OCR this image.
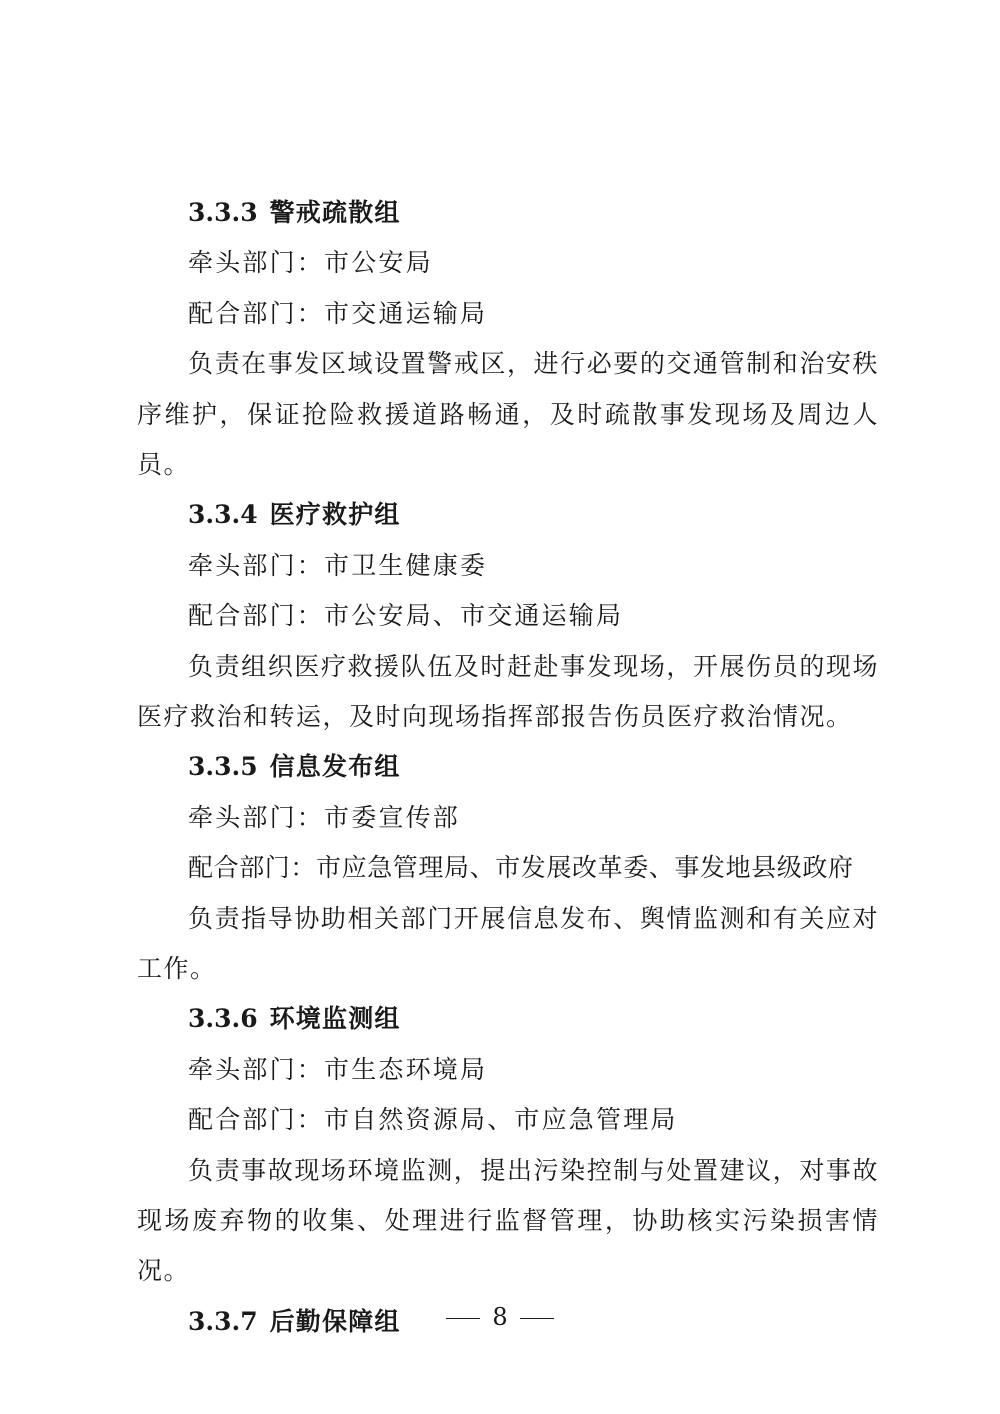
3.3.3 警戒疏散组
牵头部门：市公安局
配合部门：市交通运输局
负责在事发区域设置警戒区，进行必要的交通管制和治安秩序维护，保证抢险救援道路畅通，及时疏散事发现场及周边人员。
3.3.4 医疗救护组
牵头部门：市卫生健康委
配合部门：市公安局、市交通运输局
负责组织医疗救援队伍及时赶赴事发现场，开展伤员的现场医疗救治和转运，及时向现场指挥部报告伤员医疗救治情况。
3.3.5 信息发布组
牵头部门：市委宣传部
配合部门：市应急管理局、市发展改革委、事发地县级政府
负责指导协助相关部门开展信息发布、舆情监测和有关应对工作。
3.3.6 环境监测组
牵头部门：市生态环境局
配合部门：市自然资源局、市应急管理局
负责事故现场环境监测，提出污染控制与处置建议，对事故现场废弃物的收集、处理进行监督管理，协助核实污染损害情况。
3.3.7 后勤保障组	8
